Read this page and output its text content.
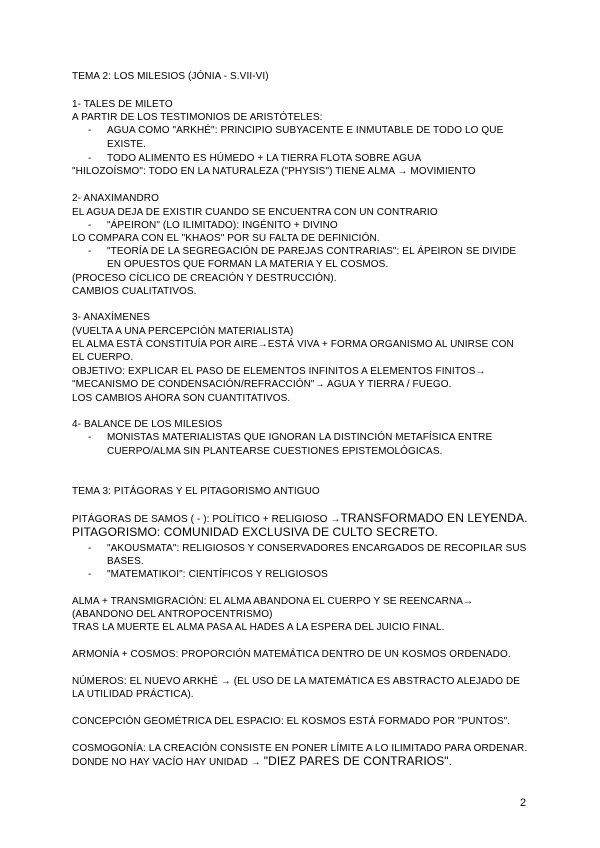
TEMA 2: LOS MILESIOS (JÓNIA - S.VII-VI)
1- TALES DE MILETO
A PARTIR DE LOS TESTIMONIOS DE ARISTÓTELES:
- AGUA COMO "ARKHÉ": PRINCIPIO SUBYACENTE E INMUTABLE DE TODO LO QUE
EXISTE.
- TODO ALIMENTO ES HÚMEDO + LA TIERRA FLOTA SOBRE AGUA
"HILOZOÍSMO": TODO EN LA NATURALEZA ("PHYSIS") TIENE ALMA → MOVIMIENTO
2- ANAXIMANDRO
EL AGUA DEJA DE EXISTIR CUANDO SE ENCUENTRA CON UN CONTRARIO
- "ÁPEIRON" (LO ILIMITADO): INGÉNITO + DIVINO
LO COMPARA CON EL "KHAOS" POR SU FALTA DE DEFINICIÓN.
- "TEORÍA DE LA SEGREGACIÓN DE PAREJAS CONTRARIAS": EL ÁPEIRON SE DIVIDE
EN OPUESTOS QUE FORMAN LA MATERIA Y EL COSMOS.
(PROCESO CÍCLICO DE CREACIÓN Y DESTRUCCIÓN).
CAMBIOS CUALITATIVOS.
3- ANAXÍMENES
(VUELTA A UNA PERCEPCIÓN MATERIALISTA)
EL ALMA ESTÁ CONSTITUÍA POR AIRE→ESTÁ VIVA + FORMA ORGANISMO AL UNIRSE CON
EL CUERPO.
OBJETIVO: EXPLICAR EL PASO DE ELEMENTOS INFINITOS A ELEMENTOS FINITOS→
"MECANISMO DE CONDENSACIÓN/REFRACCIÓN"→ AGUA Y TIERRA / FUEGO.
LOS CAMBIOS AHORA SON CUANTITATIVOS.
4- BALANCE DE LOS MILESIOS
- MONISTAS MATERIALISTAS QUE IGNORAN LA DISTINCIÓN METAFÍSICA ENTRE
CUERPO/ALMA SIN PLANTEARSE CUESTIONES EPISTEMOLÓGICAS.
TEMA 3: PITÁGORAS Y EL PITAGORISMO ANTIGUO
PITÁGORAS DE SAMOS ( - ): POLÍTICO + RELIGIOSO →TRANSFORMADO EN LEYENDA.
PITAGORISMO: COMUNIDAD EXCLUSIVA DE CULTO SECRETO.
- "AKOUSMATA": RELIGIOSOS Y CONSERVADORES ENCARGADOS DE RECOPILAR SUS
BASES.
- "MATEMATIKOI": CIENTÍFICOS Y RELIGIOSOS
ALMA + TRANSMIGRACIÓN: EL ALMA ABANDONA EL CUERPO Y SE REENCARNA→
(ABANDONO DEL ANTROPOCENTRISMO)
TRAS LA MUERTE EL ALMA PASA AL HADES A LA ESPERA DEL JUICIO FINAL.
ARMONÍA + COSMOS: PROPORCIÓN MATEMÁTICA DENTRO DE UN KOSMOS ORDENADO.
NÚMEROS: EL NUEVO ARKHÉ → (EL USO DE LA MATEMÁTICA ES ABSTRACTO ALEJADO DE
LA UTILIDAD PRÁCTICA).
CONCEPCIÓN GEOMÉTRICA DEL ESPACIO: EL KOSMOS ESTÁ FORMADO POR "PUNTOS".
COSMOGONÍA: LA CREACIÓN CONSISTE EN PONER LÍMITE A LO ILIMITADO PARA ORDENAR.
DONDE NO HAY VACÍO HAY UNIDAD → "DIEZ PARES DE CONTRARIOS".
2
